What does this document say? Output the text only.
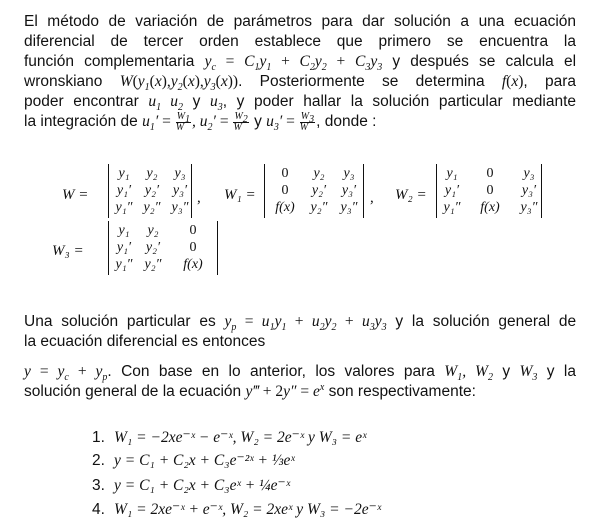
El método de variación de parámetros para dar solución a una ecuación
diferencial de tercer orden establece que primero se encuentra la
función complementaria $y_c = C_1y_1 + C_2y_2 + C_3y_3$ y después se calcula el
wronskiano $W(y_1(x),y_2(x),y_3(x))$. Posteriormente se determina f(x), para
poder encontrar $u_1$ $u_2$ y $u_3$, y poder hallar la solución particular mediante
la integración de $u_1' = \frac{W_1}{W}$ , $u_2' = \frac{W_2}{W}$ y $u_3' = \frac{W_3}{W}$ , donde :
W =
y₁	y₂	y₃
y₁′ y₂′ y₃′
y₁″ y₂″ y₃″
, W₁ =
0	y₂	y₃
0	y₂′	y₃′
f(x)	y₂″ y₃″
, W₂ =
y₁	0	y₃
y₁′	0	y₃′
y₁″	f(x)	y₃″
W₃ =
y₁	y₂	0
y₁′	y₂′	0
y₁″ y₂″	f(x)
Una solución particular es $y_p = u_1y_1 + u_2y_2 + u_3y_3$ y la solución general de
la ecuación diferencial es entonces
$y = y_c + y_p$. Con base en lo anterior, los valores para $W_1$, $W_2$ y $W_3$ y la
solución general de la ecuación y‴ + $2y'' = e^x$ son respectivamente:
1. W₁ = −2xe⁻ˣ − e⁻ˣ, W₂ = 2e⁻ˣ y W₃ = eˣ
2. y = C₁ + C₂x + C₃e⁻²ˣ + ⅓eˣ
3. y = C₁ + C₂x + C₃eˣ + ¼e⁻ˣ
4. W₁ = 2xe⁻ˣ + e⁻ˣ, W₂ = 2xeˣ y W₃ = −2e⁻ˣ
